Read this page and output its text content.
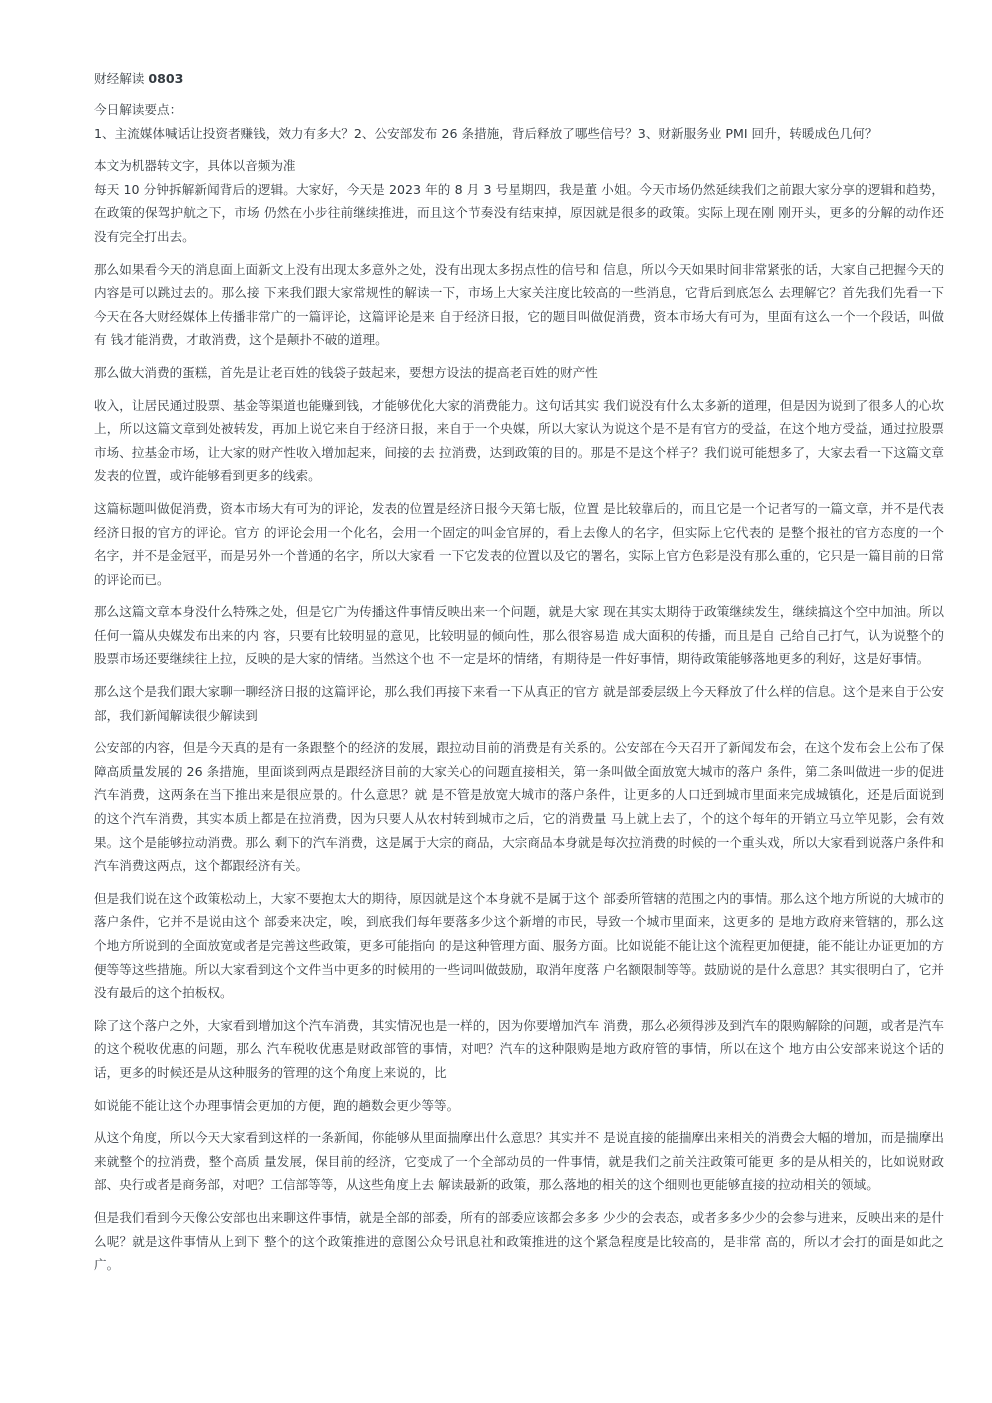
财经解读 0803

今日解读要点：

1、主流媒体喊话让投资者赚钱，效力有多大？2、公安部发布 26 条措施，背后释放了哪些信号？3、财新服务业 PMI 回升，转暖成色几何？

本文为机器转文字，具体以音频为准

每天 10 分钟拆解新闻背后的逻辑。大家好，今天是 2023 年的 8 月 3 号星期四，我是董 小姐。今天市场仍然延续我们之前跟大家分享的逻辑和趋势，在政策的保驾护航之下，市场 仍然在小步往前继续推进，而且这个节奏没有结束掉，原因就是很多的政策。实际上现在刚 刚开头，更多的分解的动作还没有完全打出去。

那么如果看今天的消息面上面新文上没有出现太多意外之处，没有出现太多拐点性的信号和 信息，所以今天如果时间非常紧张的话，大家自己把握今天的内容是可以跳过去的。那么接 下来我们跟大家常规性的解读一下，市场上大家关注度比较高的一些消息，它背后到底怎么 去理解它？首先我们先看一下今天在各大财经媒体上传播非常广的一篇评论，这篇评论是来 自于经济日报，它的题目叫做促消费，资本市场大有可为，里面有这么一个一个段话，叫做有 钱才能消费，才敢消费，这个是颠扑不破的道理。

那么做大消费的蛋糕，首先是让老百姓的钱袋子鼓起来，要想方设法的提高老百姓的财产性

收入，让居民通过股票、基金等渠道也能赚到钱，才能够优化大家的消费能力。这句话其实 我们说没有什么太多新的道理，但是因为说到了很多人的心坎上，所以这篇文章到处被转发，再加上说它来自于经济日报，来自于一个央媒，所以大家认为说这个是不是有官方的受益，在这个地方受益，通过拉股票市场、拉基金市场，让大家的财产性收入增加起来，间接的去 拉消费，达到政策的目的。那是不是这个样子？我们说可能想多了，大家去看一下这篇文章 发表的位置，或许能够看到更多的线索。

这篇标题叫做促消费，资本市场大有可为的评论，发表的位置是经济日报今天第七版，位置 是比较靠后的，而且它是一个记者写的一篇文章，并不是代表经济日报的官方的评论。官方 的评论会用一个化名，会用一个固定的叫金官屏的，看上去像人的名字，但实际上它代表的 是整个报社的官方态度的一个名字，并不是金冠平，而是另外一个普通的名字，所以大家看 一下它发表的位置以及它的署名，实际上官方色彩是没有那么重的，它只是一篇目前的日常 的评论而已。

那么这篇文章本身没什么特殊之处，但是它广为传播这件事情反映出来一个问题，就是大家 现在其实太期待于政策继续发生，继续搞这个空中加油。所以任何一篇从央媒发布出来的内 容，只要有比较明显的意见，比较明显的倾向性，那么很容易造 成大面积的传播，而且是自 己给自己打气，认为说整个的股票市场还要继续往上拉，反映的是大家的情绪。当然这个也 不一定是坏的情绪，有期待是一件好事情，期待政策能够落地更多的利好，这是好事情。

那么这个是我们跟大家聊一聊经济日报的这篇评论，那么我们再接下来看一下从真正的官方 就是部委层级上今天释放了什么样的信息。这个是来自于公安部，我们新闻解读很少解读到

公安部的内容，但是今天真的是有一条跟整个的经济的发展，跟拉动目前的消费是有关系的。公安部在今天召开了新闻发布会，在这个发布会上公布了保障高质量发展的 26 条措施，里面谈到两点是跟经济目前的大家关心的问题直接相关，第一条叫做全面放宽大城市的落户 条件，第二条叫做进一步的促进汽车消费，这两条在当下推出来是很应景的。什么意思？就 是不管是放宽大城市的落户条件，让更多的人口迁到城市里面来完成城镇化，还是后面说到 的这个汽车消费，其实本质上都是在拉消费，因为只要人从农村转到城市之后，它的消费量 马上就上去了，个的这个每年的开销立马立竿见影，会有效果。这个是能够拉动消费。那么 剩下的汽车消费，这是属于大宗的商品，大宗商品本身就是每次拉消费的时候的一个重头戏，所以大家看到说落户条件和汽车消费这两点，这个都跟经济有关。

但是我们说在这个政策松动上，大家不要抱太大的期待，原因就是这个本身就不是属于这个 部委所管辖的范围之内的事情。那么这个地方所说的大城市的落户条件，它并不是说由这个 部委来决定，唉，到底我们每年要落多少这个新增的市民，导致一个城市里面来，这更多的 是地方政府来管辖的，那么这个地方所说到的全面放宽或者是完善这些政策，更多可能指向 的是这种管理方面、服务方面。比如说能不能让这个流程更加便捷，能不能让办证更加的方 便等等这些措施。所以大家看到这个文件当中更多的时候用的一些词叫做鼓励，取消年度落 户名额限制等等。鼓励说的是什么意思？其实很明白了，它并没有最后的这个拍板权。

除了这个落户之外，大家看到增加这个汽车消费，其实情况也是一样的，因为你要增加汽车 消费，那么必须得涉及到汽车的限购解除的问题，或者是汽车的这个税收优惠的问题，那么 汽车税收优惠是财政部管的事情，对吧？汽车的这种限购是地方政府管的事情，所以在这个 地方由公安部来说这个话的话，更多的时候还是从这种服务的管理的这个角度上来说的，比

如说能不能让这个办理事情会更加的方便，跑的趟数会更少等等。

从这个角度，所以今天大家看到这样的一条新闻，你能够从里面揣摩出什么意思？其实并不 是说直接的能揣摩出来相关的消费会大幅的增加，而是揣摩出来就整个的拉消费，整个高质 量发展，保目前的经济，它变成了一个全部动员的一件事情，就是我们之前关注政策可能更 多的是从相关的，比如说财政部、央行或者是商务部，对吧？工信部等等，从这些角度上去 解读最新的政策，那么落地的相关的这个细则也更能够直接的拉动相关的领域。

但是我们看到今天像公安部也出来聊这件事情，就是全部的部委，所有的部委应该都会多多 少少的会表态，或者多多少少的会参与进来，反映出来的是什么呢？就是这件事情从上到下 整个的这个政策推进的意图公众号讯息社和政策推进的这个紧急程度是比较高的，是非常 高的，所以才会打的面是如此之广。
